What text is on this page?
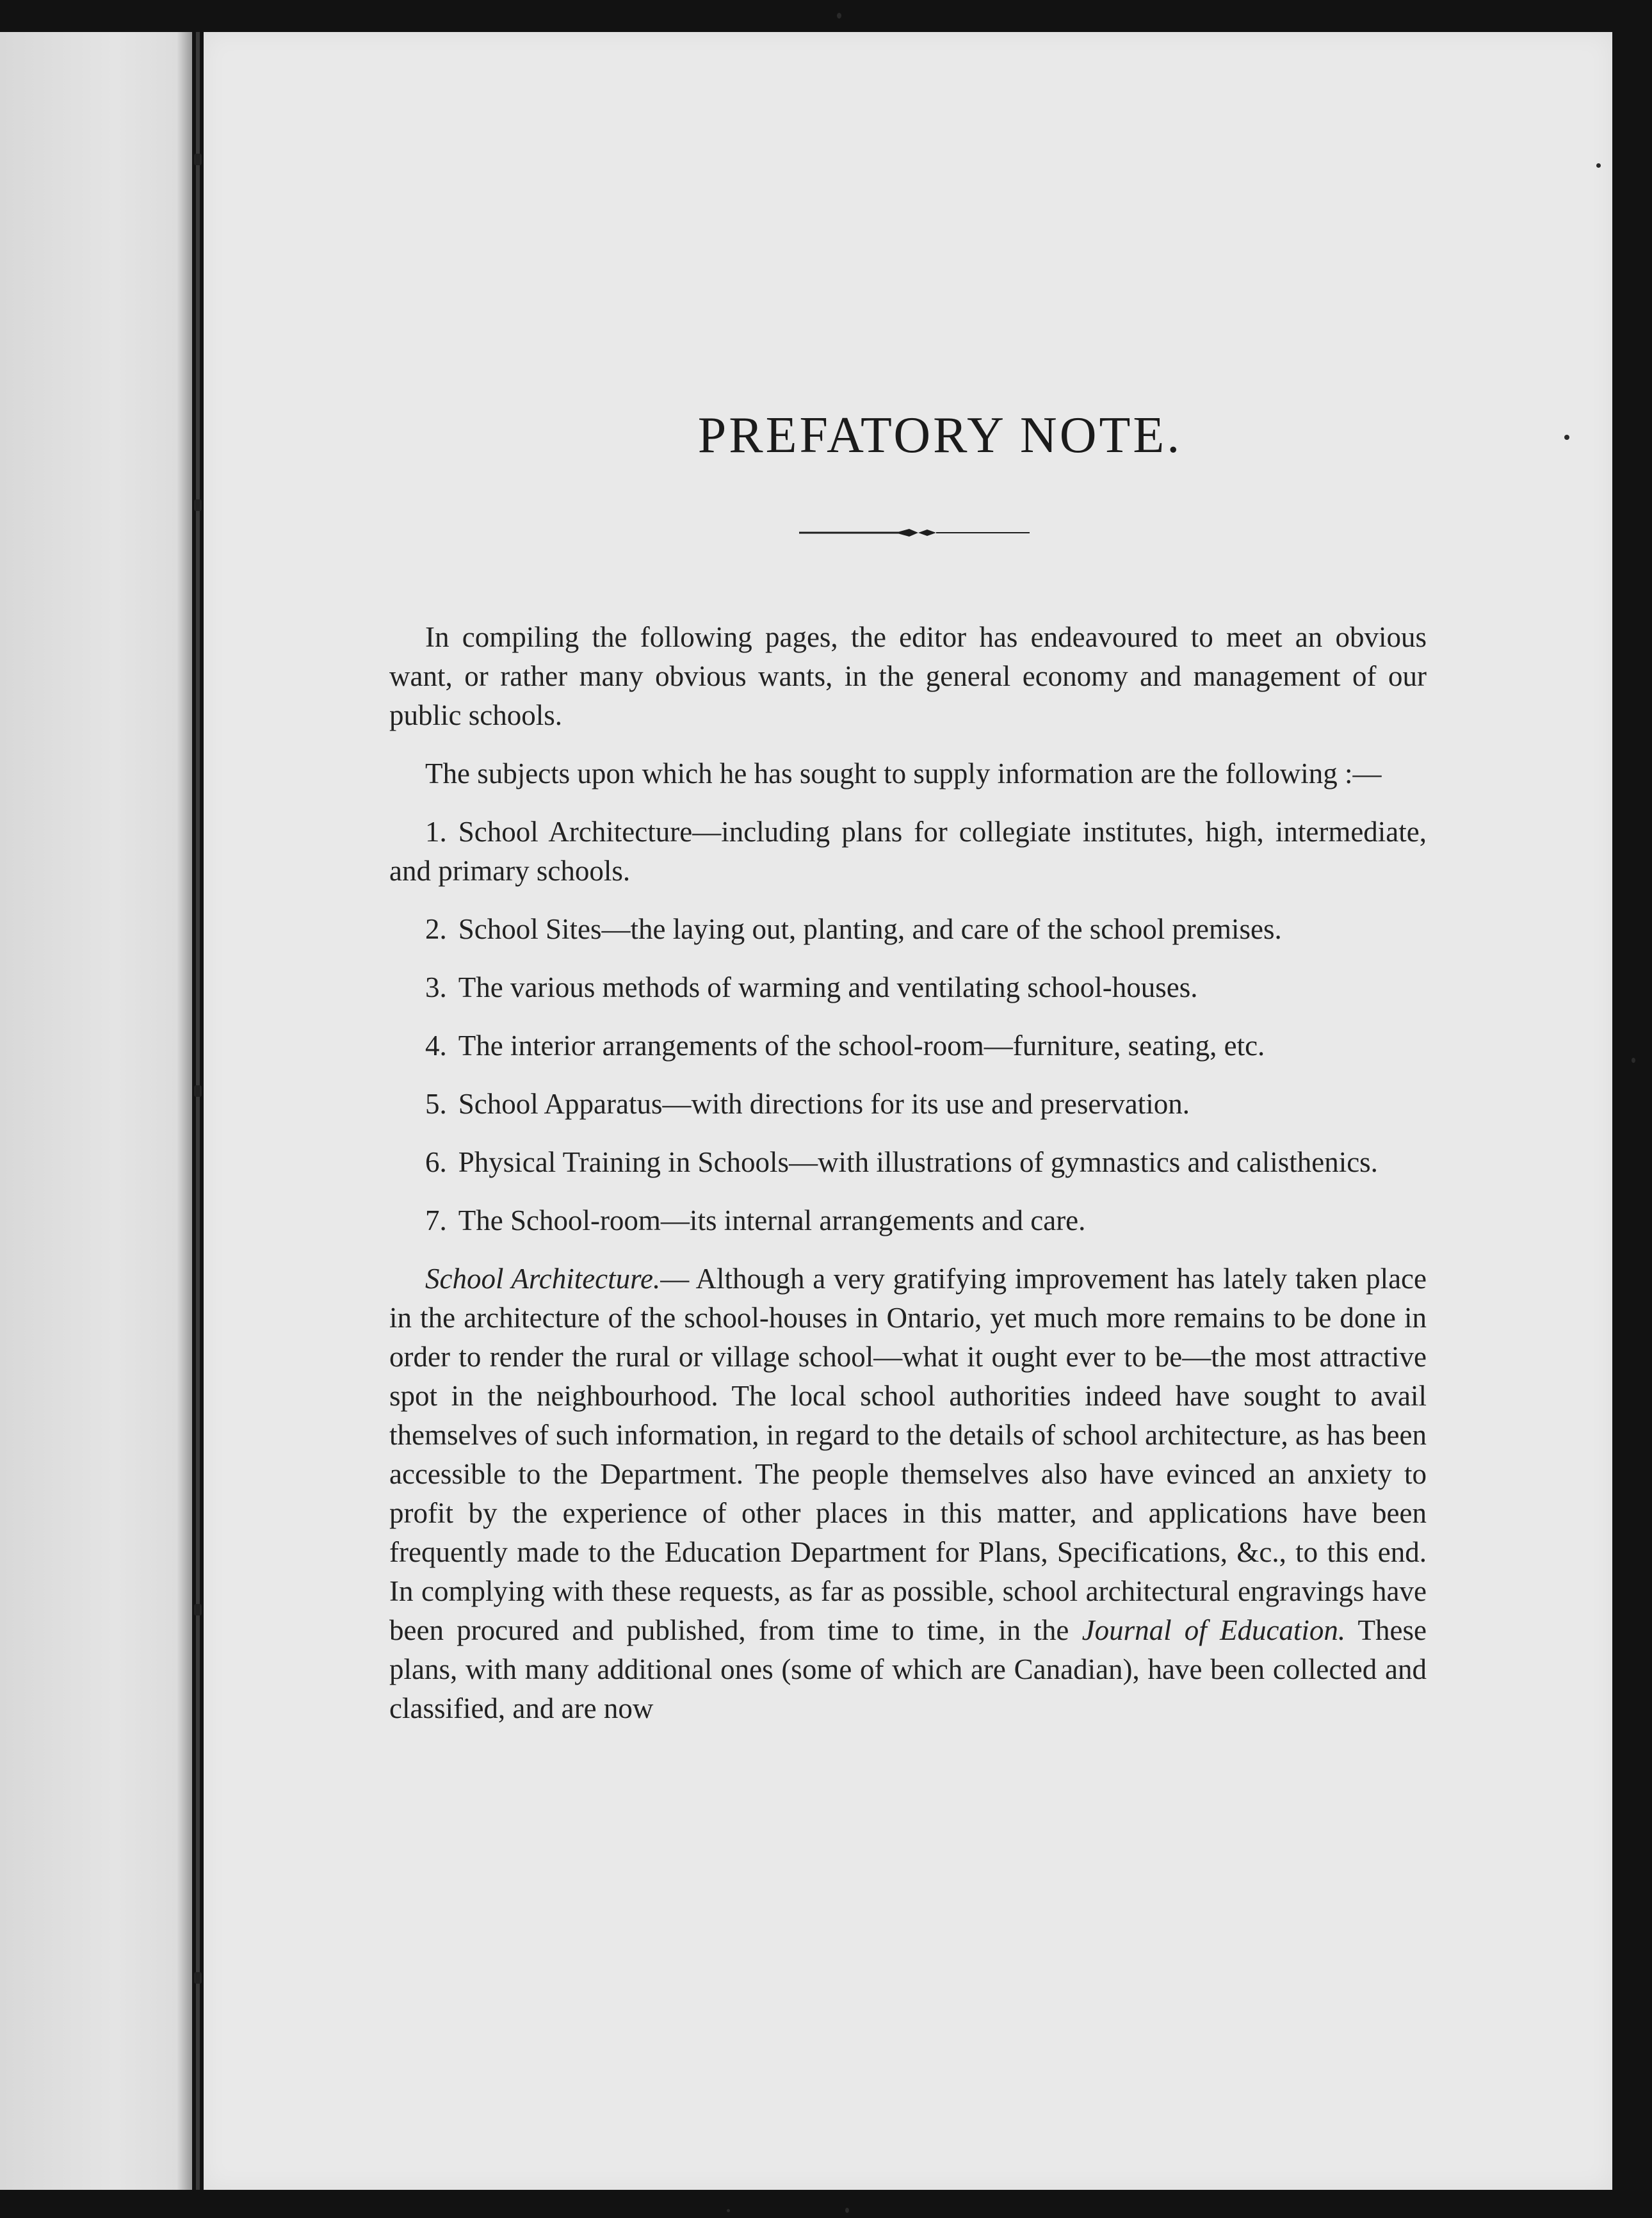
PREFATORY NOTE.

In compiling the following pages, the editor has endeavoured to meet an obvious want, or rather many obvious wants, in the general economy and management of our public schools.

The subjects upon which he has sought to supply information are the following :—

1. School Architecture—including plans for collegiate institutes, high, intermediate, and primary schools.

2. School Sites—the laying out, planting, and care of the school premises.

3. The various methods of warming and ventilating school-houses.

4. The interior arrangements of the school-room—furniture, seating, etc.

5. School Apparatus—with directions for its use and preservation.

6. Physical Training in Schools—with illustrations of gymnastics and calisthenics.

7. The School-room—its internal arrangements and care.

School Architecture.— Although a very gratifying improvement has lately taken place in the architecture of the school-houses in Ontario, yet much more remains to be done in order to render the rural or village school—what it ought ever to be—the most attractive spot in the neighbourhood. The local school authorities indeed have sought to avail themselves of such information, in regard to the details of school architecture, as has been accessible to the Department. The people themselves also have evinced an anxiety to profit by the experience of other places in this matter, and applications have been frequently made to the Education Department for Plans, Specifications, &c., to this end. In complying with these requests, as far as possible, school architectural engravings have been procured and published, from time to time, in the Journal of Education. These plans, with many additional ones (some of which are Canadian), have been collected and classified, and are now
